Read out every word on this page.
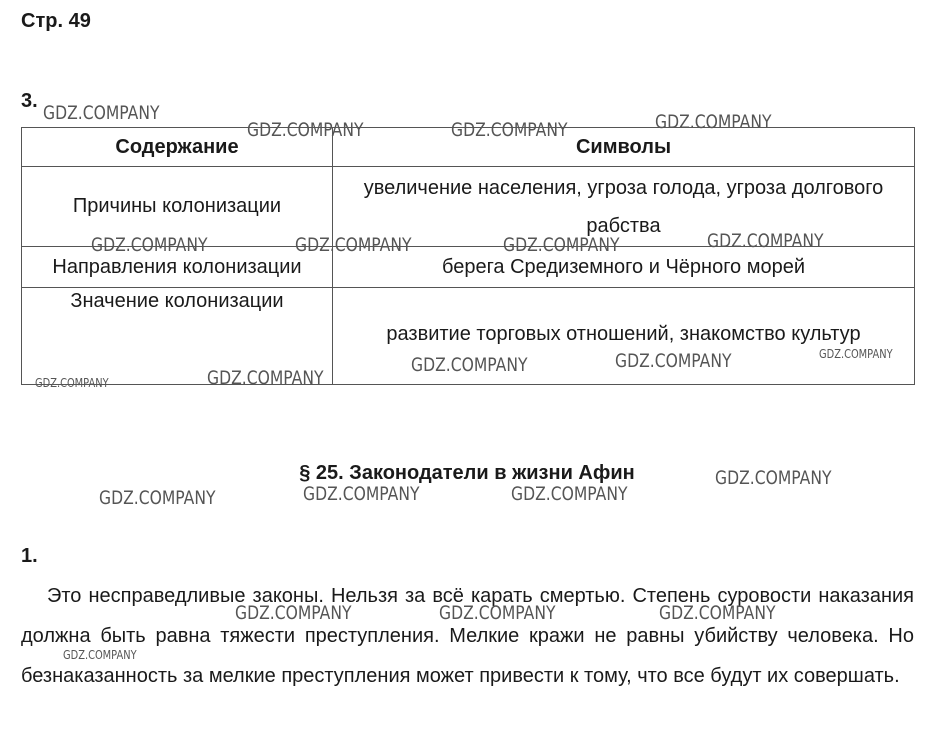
Стр. 49
3.
Содержание	Символы
Причины колонизации	увеличение населения, угроза голода, угроза долгового рабства
Направления колонизации	берега Средиземного и Чёрного морей
Значение колонизации	развитие торговых отношений, знакомство культур
§ 25. Законодатели в жизни Афин
1.
Это несправедливые законы. Нельзя за всё карать смертью. Степень суровости наказания должна быть равна тяжести преступления. Мелкие кражи не равны убийству человека. Но безнаказанность за мелкие преступления может привести к тому, что все будут их совершать.
GDZ.COMPANY
GDZ.COMPANY	GDZ.COMPANY	GDZ.COMPANY
GDZ.COMPANY	GDZ.COMPANY	GDZ.COMPANY	GDZ.COMPANY
GDZ.COMPANY	GDZ.COMPANY	GDZ.COMPANY
GDZ.COMPANY	GDZ.COMPANY
GDZ.COMPANY
GDZ.COMPANY	GDZ.COMPANY	GDZ.COMPANY
GDZ.COMPANY	GDZ.COMPANY	GDZ.COMPANY
GDZ.COMPANY
